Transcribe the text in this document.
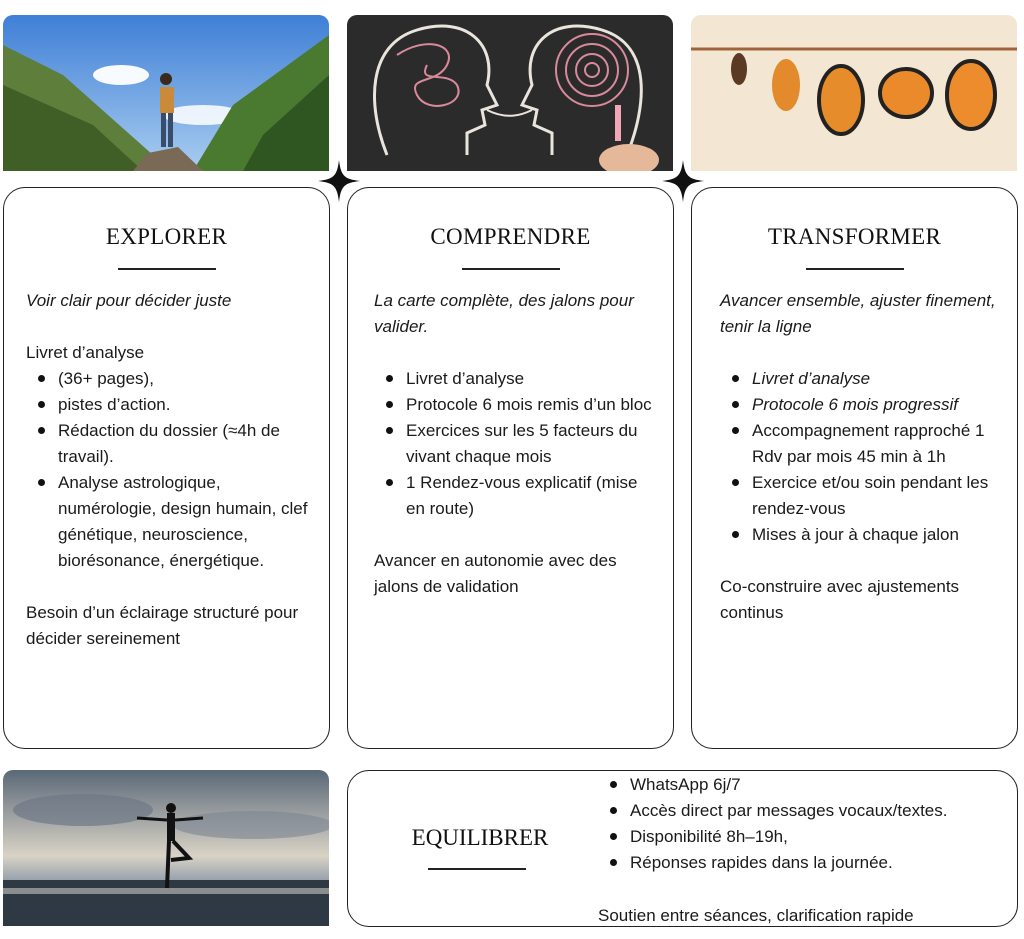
EXPLORER

Voir clair pour décider juste

Livret d’analyse

(36+ pages),
pistes d’action.
Rédaction du dossier (≈4h de travail).
Analyse astrologique, numérologie, design humain, clef génétique, neuroscience, biorésonance, énergétique.

Besoin d’un éclairage structuré pour décider sereinement

COMPRENDRE

La carte complète, des jalons pour valider.

Livret d’analyse
Protocole 6 mois remis d’un bloc
Exercices sur les 5 facteurs du vivant chaque mois
1 Rendez-vous explicatif (mise en route)

Avancer en autonomie avec des jalons de validation

TRANSFORMER

Avancer ensemble, ajuster finement, tenir la ligne

Livret d’analyse
Protocole 6 mois progressif
Accompagnement rapproché 1 Rdv par mois 45 min à 1h
Exercice et/ou soin pendant les rendez-vous
Mises à jour à chaque jalon

Co-construire avec ajustements continus

EQUILIBRER
WhatsApp 6j/7
Accès direct par messages vocaux/textes.
Disponibilité 8h–19h,
Réponses rapides dans la journée.
Soutien entre séances, clarification rapide
